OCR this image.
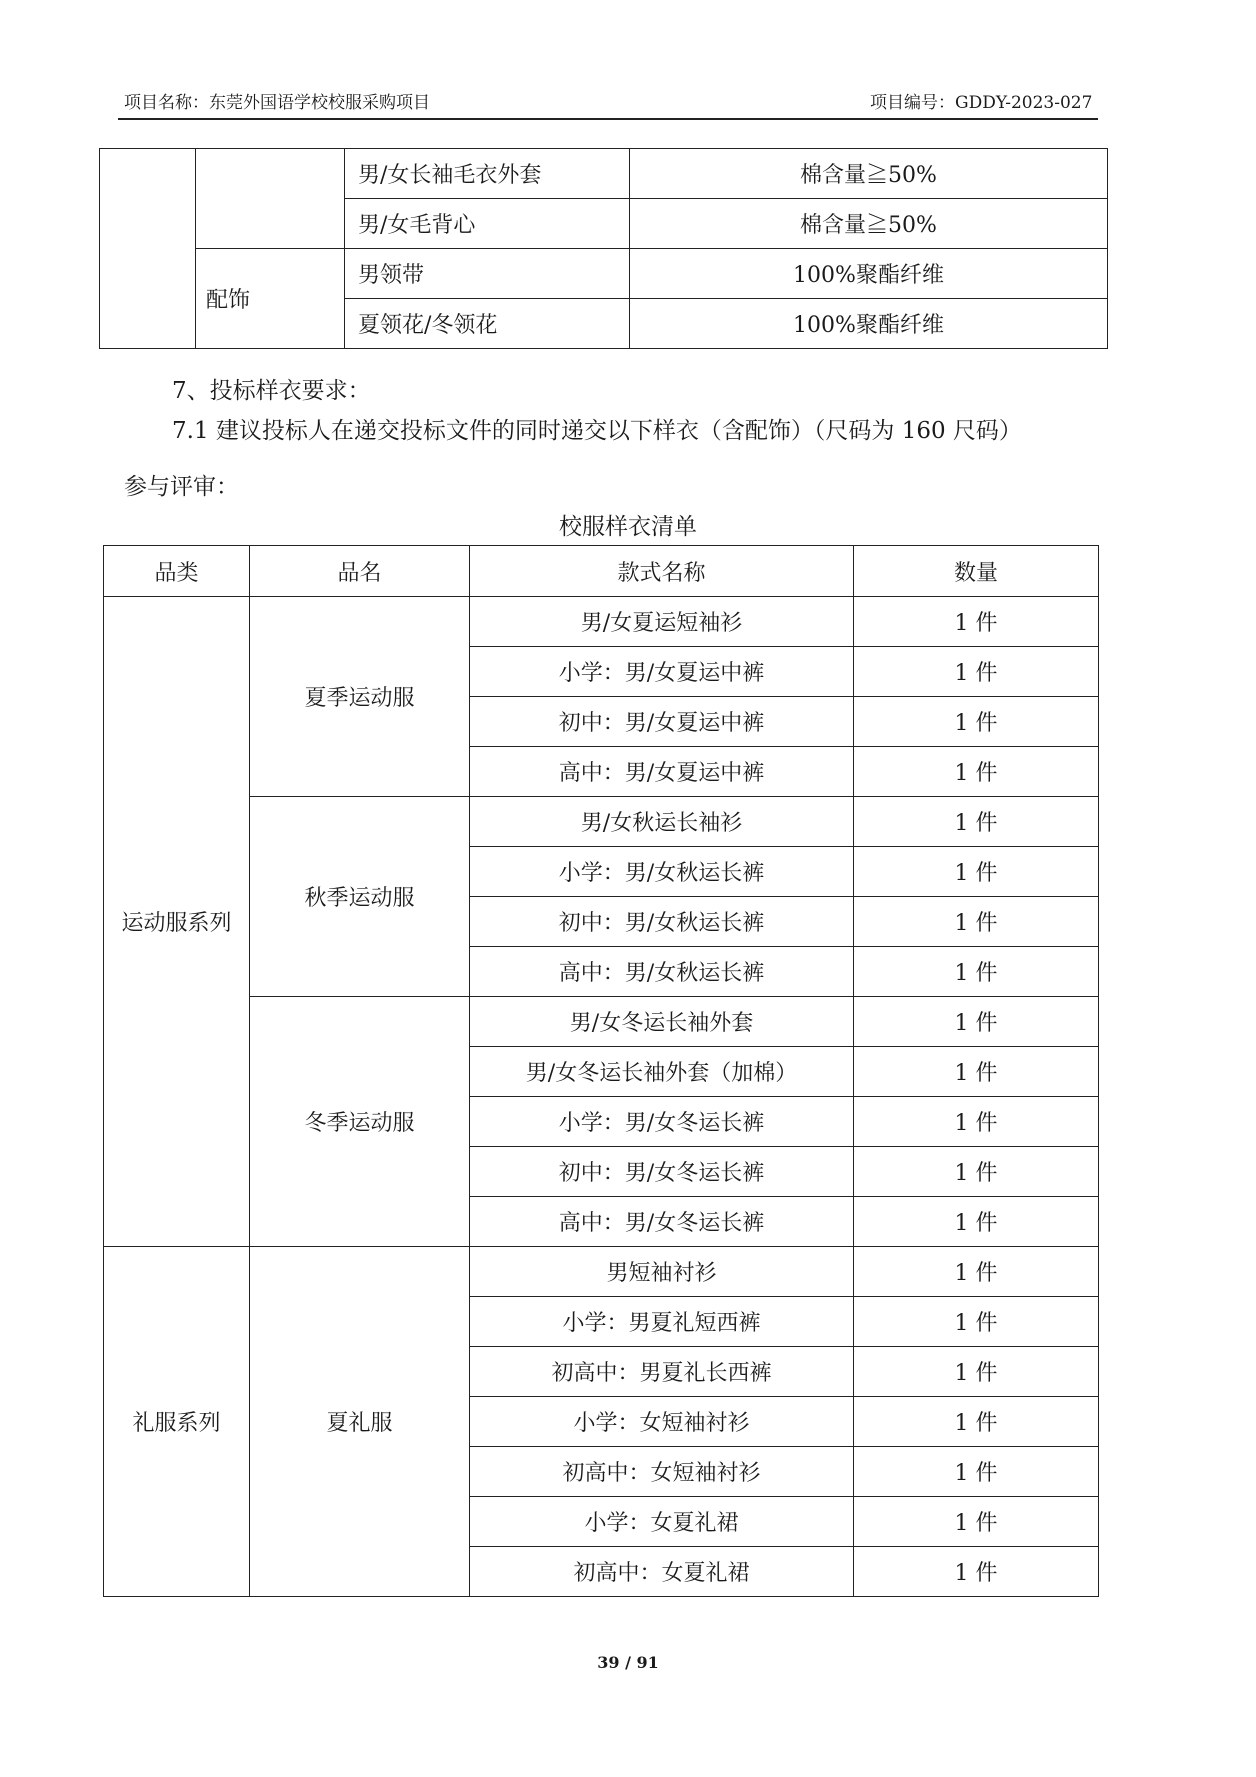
项目名称：东莞外国语学校校服采购项目	项目编号：GDDY-2023-027
		男/女长袖毛衣外套	棉含量≧50%
		男/女毛背心	棉含量≧50%
	配饰	男领带	100%聚酯纤维
		夏领花/冬领花	100%聚酯纤维
7、投标样衣要求：
7.1 建议投标人在递交投标文件的同时递交以下样衣（含配饰）（尺码为 160 尺码）
参与评审：
校服样衣清单
品类	品名	款式名称	数量
运动服系列	夏季运动服	男/女夏运短袖衫	1 件
		小学：男/女夏运中裤	1 件
		初中：男/女夏运中裤	1 件
		高中：男/女夏运中裤	1 件
	秋季运动服	男/女秋运长袖衫	1 件
		小学：男/女秋运长裤	1 件
		初中：男/女秋运长裤	1 件
		高中：男/女秋运长裤	1 件
	冬季运动服	男/女冬运长袖外套	1 件
		男/女冬运长袖外套（加棉）	1 件
		小学：男/女冬运长裤	1 件
		初中：男/女冬运长裤	1 件
		高中：男/女冬运长裤	1 件
礼服系列	夏礼服	男短袖衬衫	1 件
		小学：男夏礼短西裤	1 件
		初高中：男夏礼长西裤	1 件
		小学：女短袖衬衫	1 件
		初高中：女短袖衬衫	1 件
		小学：女夏礼裙	1 件
		初高中：女夏礼裙	1 件
39 / 91
